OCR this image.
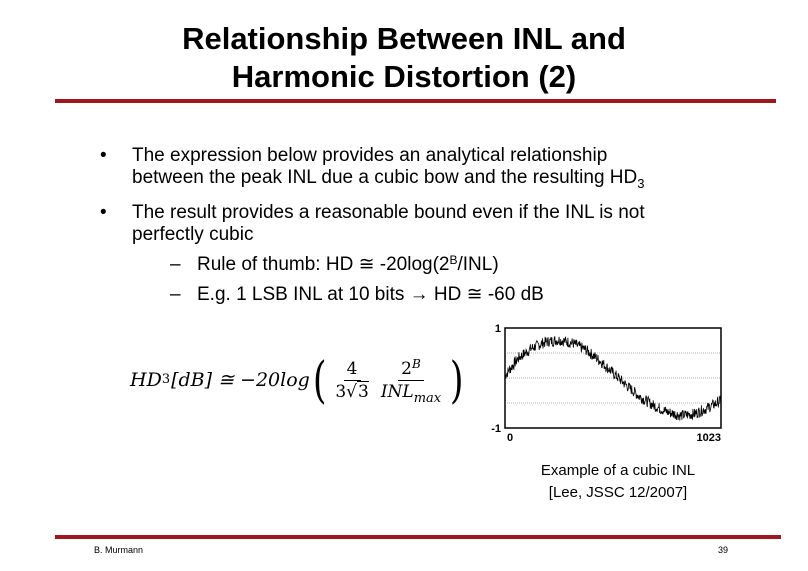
Relationship Between INL and
Harmonic Distortion (2)
• The expression below provides an analytical relationship
between the peak INL due a cubic bow and the resulting $HD_3$
• The result provides a reasonable bound even if the INL is not
perfectly cubic
– Rule of thumb: HD ≅ $-20\log(2^B/INL)$
– E.g. 1 LSB INL at 10 bits → HD ≅ -60 dB
HD 3 [dB] ≅ −20log ( $\frac{4}{3√3} \frac{2^B}{INL_{max}}$ )
1
-1
0	1023
Example of a cubic INL
[Lee, JSSC 12/2007]
B. Murmann	39
